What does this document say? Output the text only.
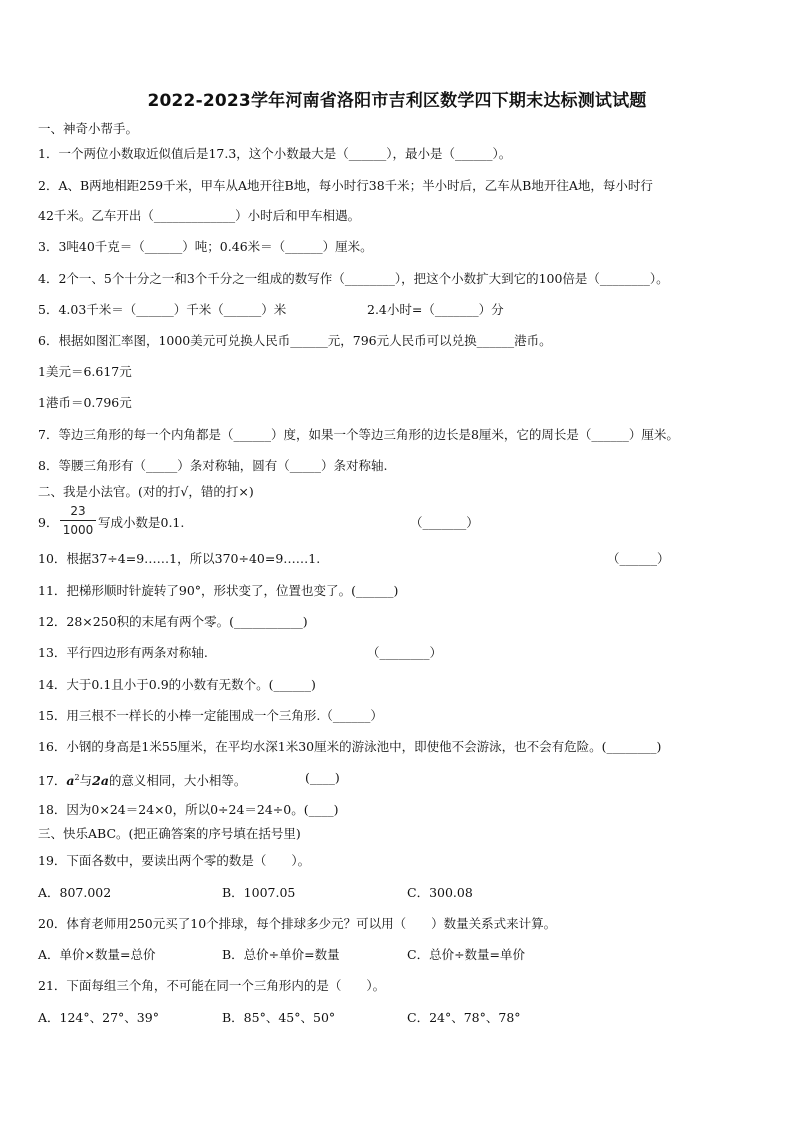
2022-2023学年河南省洛阳市吉利区数学四下期末达标测试试题
一、神奇小帮手。
1．一个两位小数取近似值后是17.3，这个小数最大是（______），最小是（______）。
2．A、B两地相距259千米，甲车从A地开往B地，每小时行38千米；半小时后，乙车从B地开往A地，每小时行
42千米。乙车开出（_____________）小时后和甲车相遇。
3．3吨40千克＝（______）吨；0.46米＝（______）厘米。
4．2个一、5个十分之一和3个千分之一组成的数写作（________），把这个小数扩大到它的100倍是（________）。
5．4.03千米＝（______）千米（______）米	2.4小时=（_______）分
6．根据如图汇率图，1000美元可兑换人民币______元，796元人民币可以兑换______港币。
1美元＝6.617元
1港币＝0.796元
7．等边三角形的每一个内角都是（______）度，如果一个等边三角形的边长是8厘米，它的周长是（______）厘米。
8．等腰三角形有（_____）条对称轴，圆有（_____）条对称轴.
二、我是小法官。(对的打√，错的打×)
9．
23
1000 写成小数是0.1.	（_______）
10．根据37÷4=9……1，所以370÷40=9……1.	（______）
11．把梯形顺时针旋转了90°，形状变了，位置也变了。(______)
12．28×250积的末尾有两个零。(___________)
13．平行四边形有两条对称轴.	（________）
14．大于0.1且小于0.9的小数有无数个。(______)
15．用三根不一样长的小棒一定能围成一个三角形.（______）
16．小钢的身高是1米55厘米，在平均水深1米30厘米的游泳池中，即使他不会游泳，也不会有危险。(________)
17．$a^2$与2a的意义相同，大小相等。	(____)
18．因为0×24＝24×0，所以0÷24＝24÷0。(____)
三、快乐ABC。(把正确答案的序号填在括号里)
19．下面各数中，要读出两个零的数是（　　）。
A．807.002	B．1007.05	C．300.08
20．体育老师用250元买了10个排球，每个排球多少元？可以用（　　）数量关系式来计算。
A．单价×数量=总价	B．总价÷单价=数量	C．总价÷数量=单价
21．下面每组三个角，不可能在同一个三角形内的是（　　）。
A．124°、27°、39°	B．85°、45°、50°	C．24°、78°、78°
